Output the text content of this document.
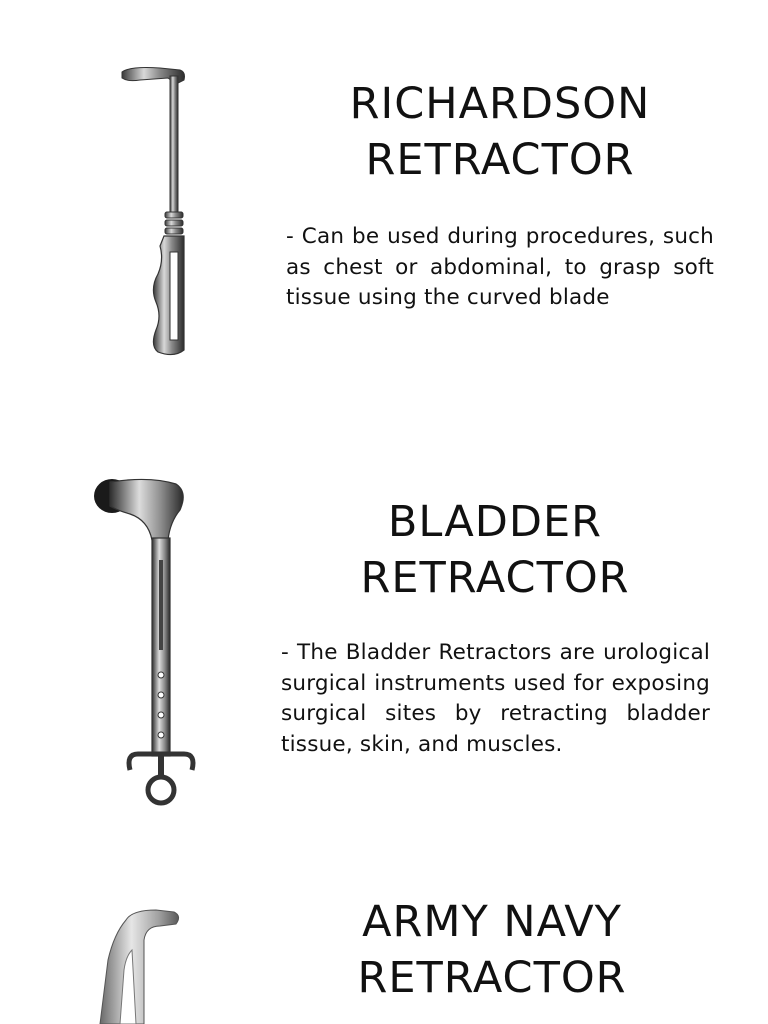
RICHARDSON
RETRACTOR

- Can be used during procedures, such as chest or abdominal, to grasp soft tissue using the curved blade

BLADDER
RETRACTOR

- The Bladder Retractors are urological surgical instruments used for exposing surgical sites by retracting bladder tissue, skin, and muscles.

ARMY NAVY
RETRACTOR
